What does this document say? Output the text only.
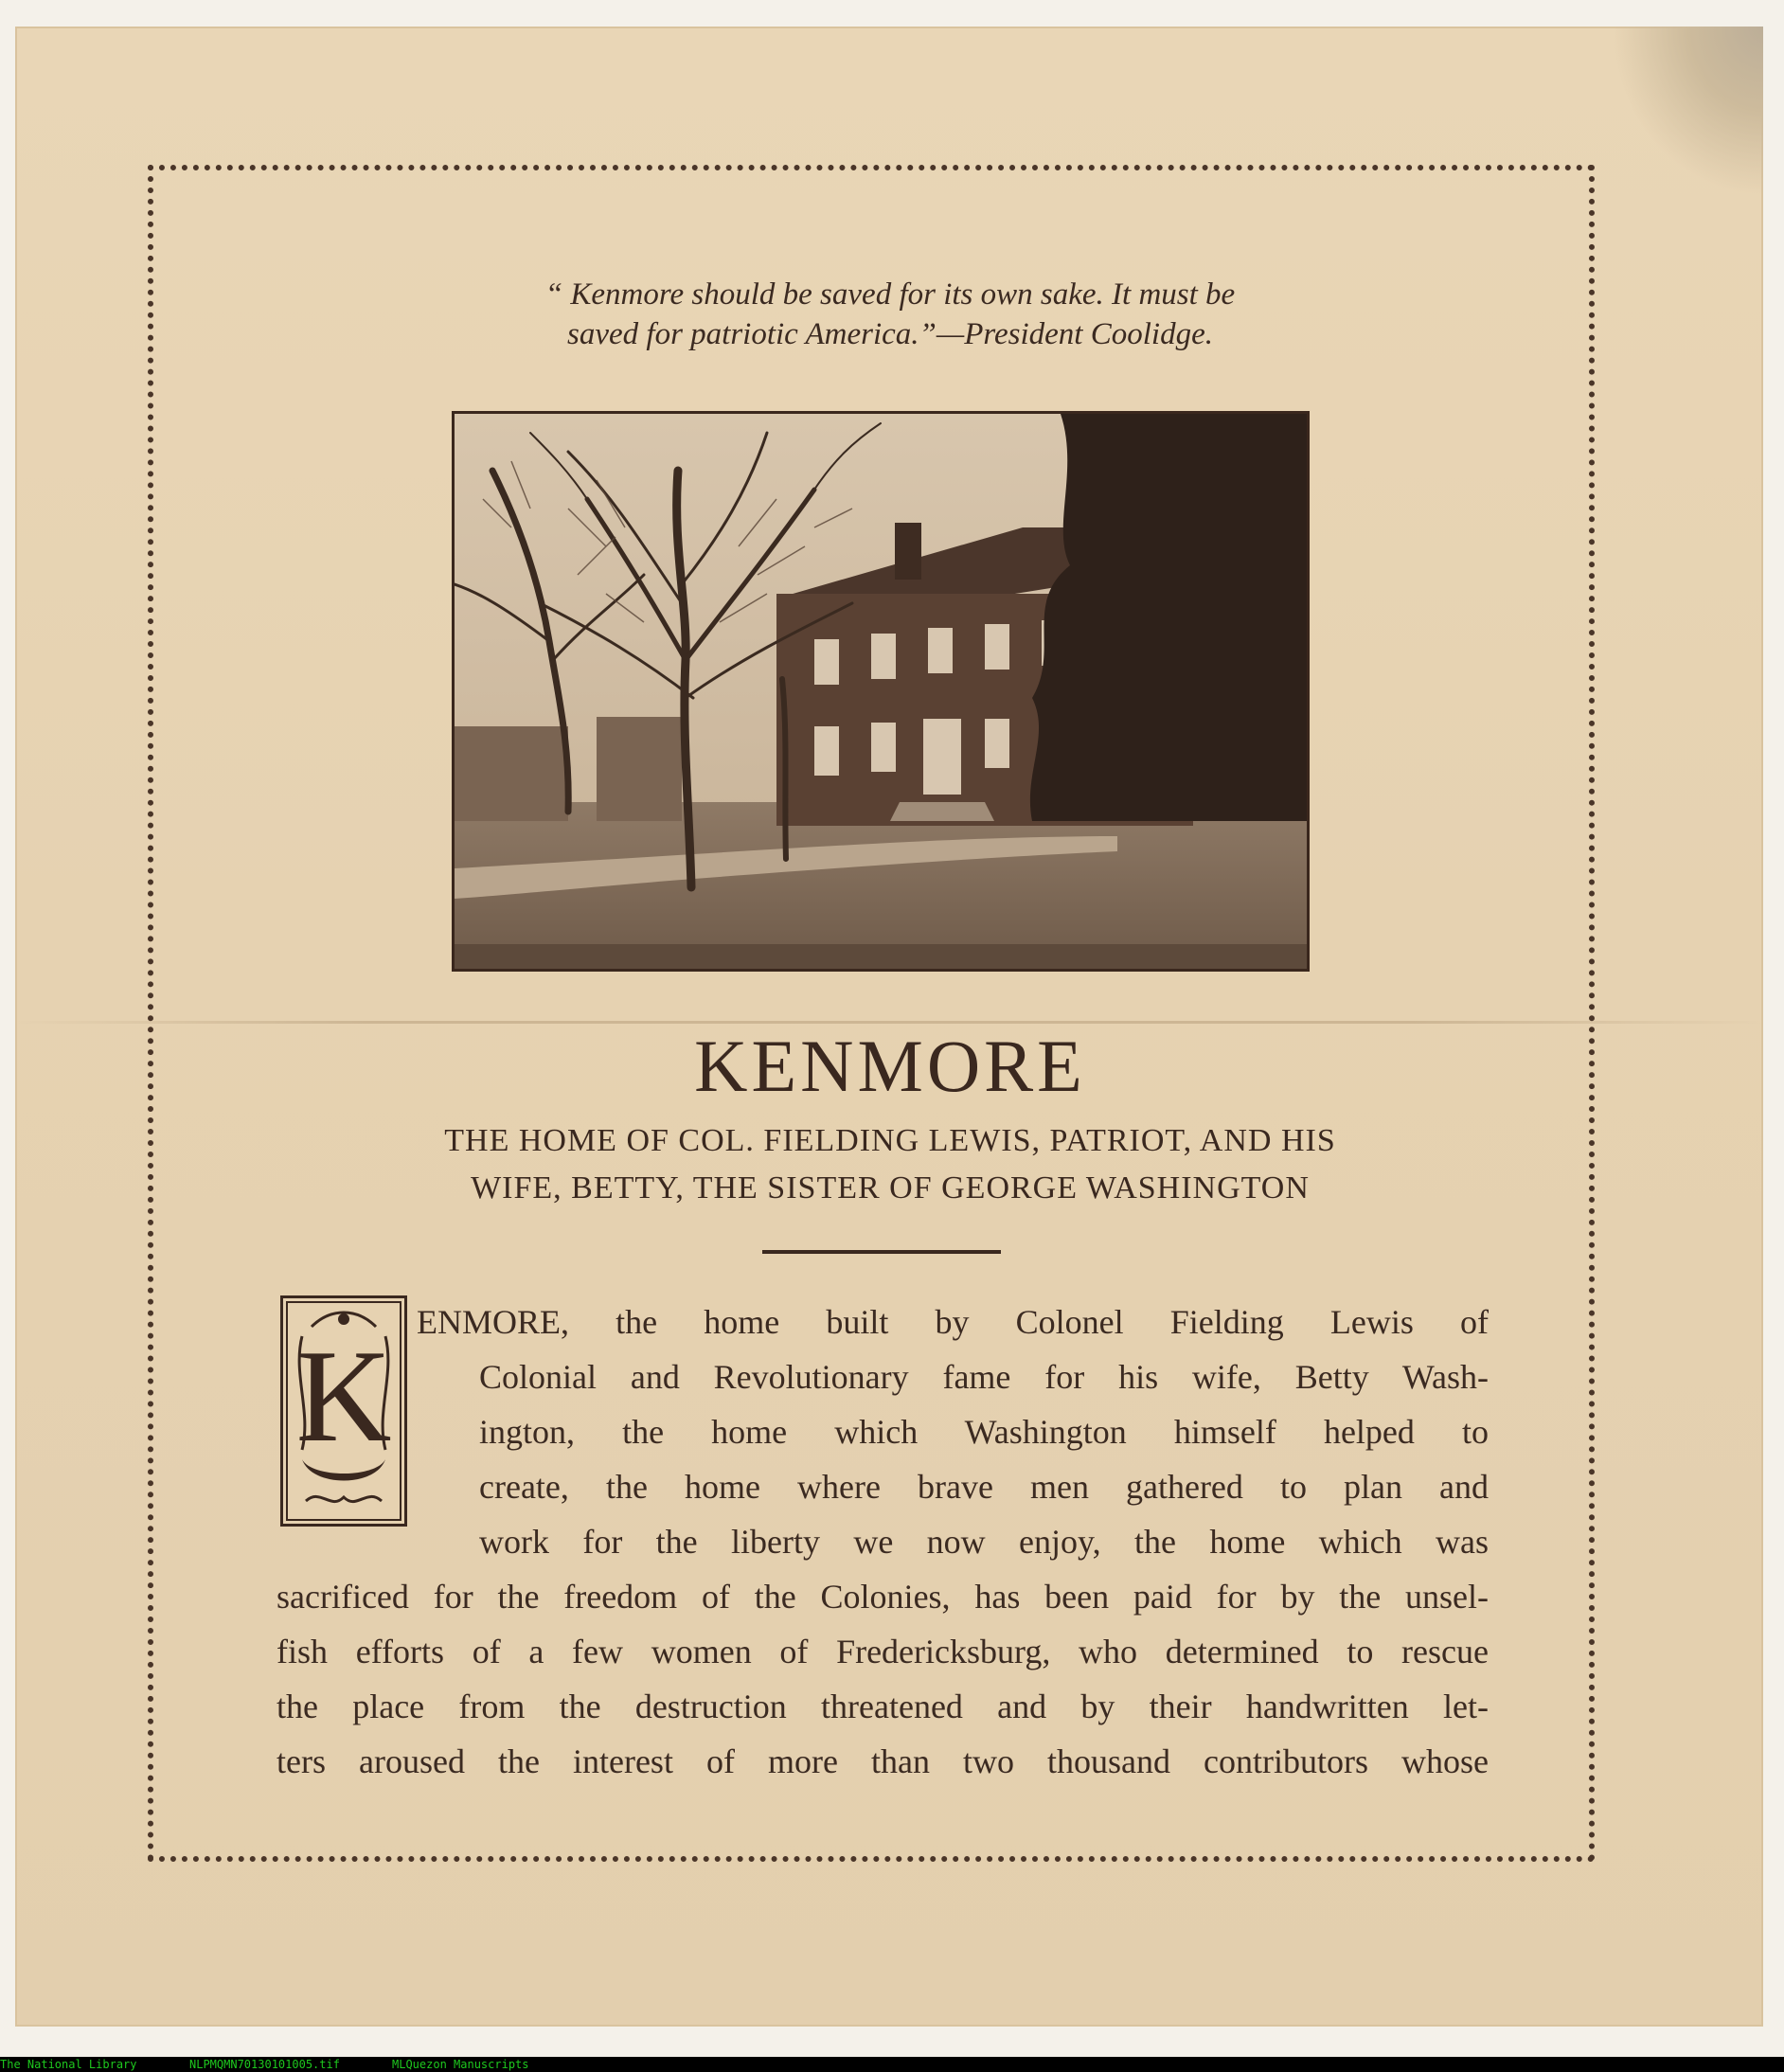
“ Kenmore should be saved for its own sake. It must be
saved for patriotic America.”—President Coolidge.
KENMORE
THE HOME OF COL. FIELDING LEWIS, PATRIOT, AND HIS
WIFE, BETTY, THE SISTER OF GEORGE WASHINGTON
K
ENMORE, the home built by Colonel Fielding Lewis of
Colonial and Revolutionary fame for his wife, Betty Wash-
ington, the home which Washington himself helped to
create, the home where brave men gathered to plan and
work for the liberty we now enjoy, the home which was
sacrificed for the freedom of the Colonies, has been paid for by the unsel-
fish efforts of a few women of Fredericksburg, who determined to rescue
the place from the destruction threatened and by their handwritten let-
ters aroused the interest of more than two thousand contributors whose
The National Library	NLPMQMN70130101005.tif	MLQuezon Manuscripts
